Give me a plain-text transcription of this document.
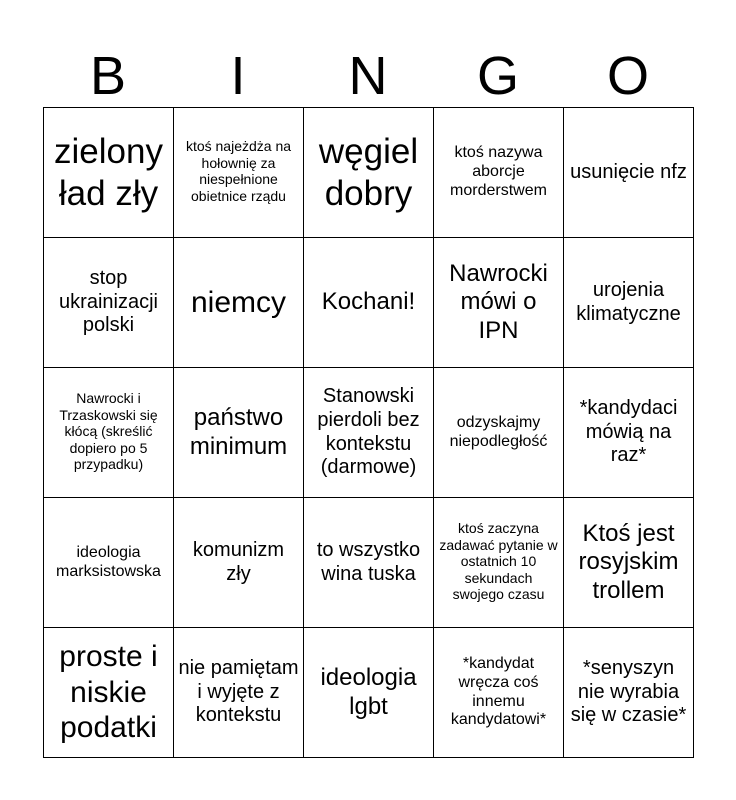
B	I	N	G	O
zielony ład zły	ktoś najeżdża na hołownię za niespełnione obietnice rządu	węgiel dobry	ktoś nazywa aborcje morderstwem	usunięcie nfz
stop ukrainizacji polski	niemcy	Kochani!	Nawrocki mówi o IPN	urojenia klimatyczne
Nawrocki i Trzaskowski się kłócą (skreślić dopiero po 5 przypadku)	państwo minimum	Stanowski pierdoli bez kontekstu (darmowe)	odzyskajmy niepodległość	*kandydaci mówią na raz*
ideologia marksistowska	komunizm zły	to wszystko wina tuska	ktoś zaczyna zadawać pytanie w ostatnich 10 sekundach swojego czasu	Ktoś jest rosyjskim trollem
proste i niskie podatki	nie pamiętam i wyjęte z kontekstu	ideologia lgbt	*kandydat wręcza coś innemu kandydatowi*	*senyszyn nie wyrabia się w czasie*
